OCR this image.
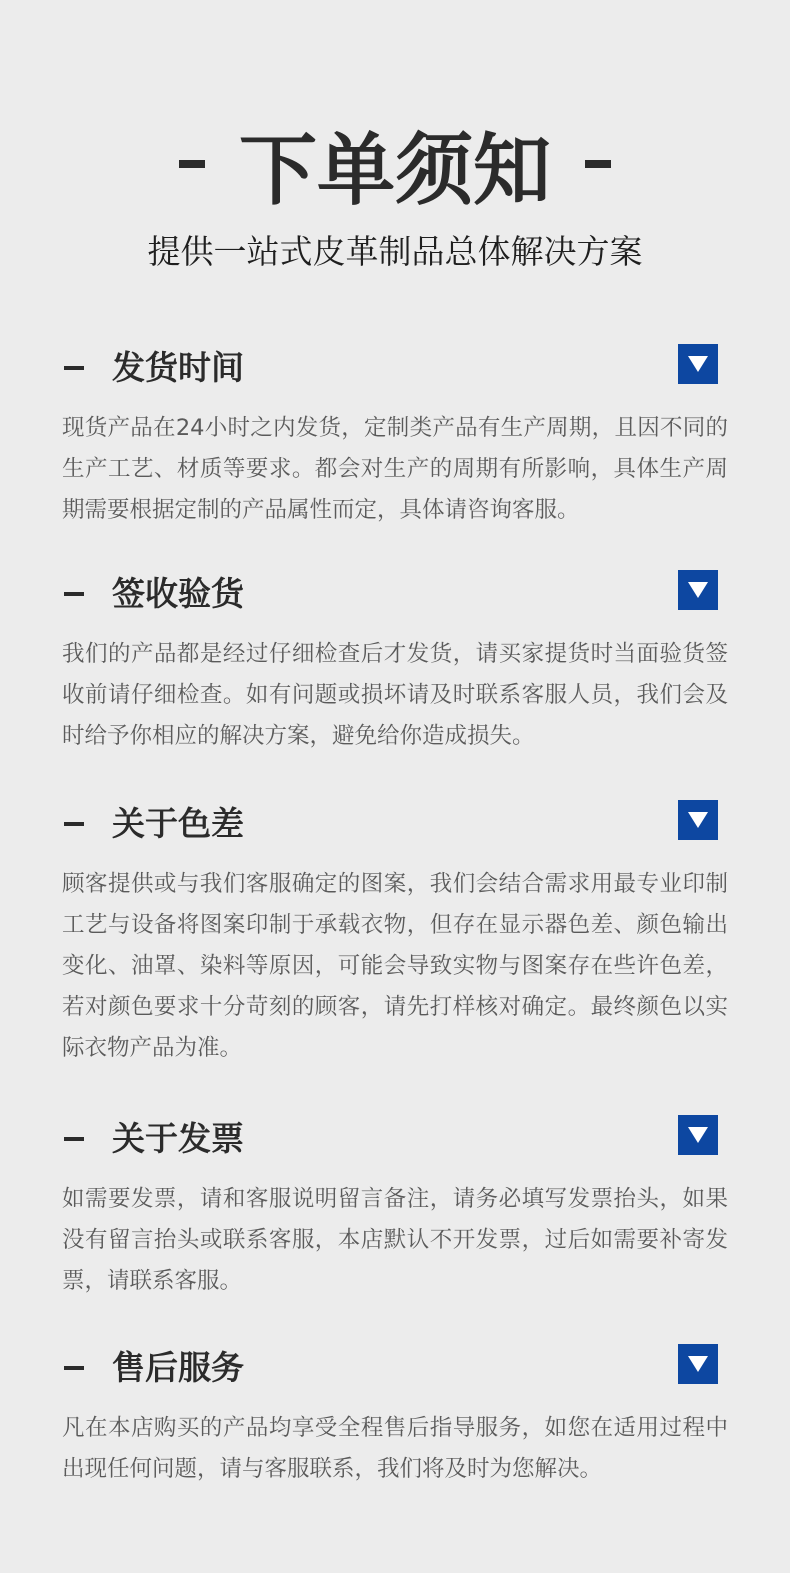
下单须知
提供一站式皮革制品总体解决方案
发货时间
现货产品在24小时之内发货，定制类产品有生产周期，且因不同的生产工艺、材质等要求。都会对生产的周期有所影响，具体生产周期需要根据定制的产品属性而定，具体请咨询客服。
签收验货
我们的产品都是经过仔细检查后才发货，请买家提货时当面验货签收前请仔细检查。如有问题或损坏请及时联系客服人员，我们会及时给予你相应的解决方案，避免给你造成损失。
关于色差
顾客提供或与我们客服确定的图案，我们会结合需求用最专业印制工艺与设备将图案印制于承载衣物，但存在显示器色差、颜色输出变化、油罩、染料等原因，可能会导致实物与图案存在些许色差，若对颜色要求十分苛刻的顾客，请先打样核对确定。最终颜色以实际衣物产品为准。
关于发票
如需要发票，请和客服说明留言备注，请务必填写发票抬头，如果没有留言抬头或联系客服，本店默认不开发票，过后如需要补寄发票，请联系客服。
售后服务
凡在本店购买的产品均享受全程售后指导服务，如您在适用过程中出现任何问题，请与客服联系，我们将及时为您解决。
